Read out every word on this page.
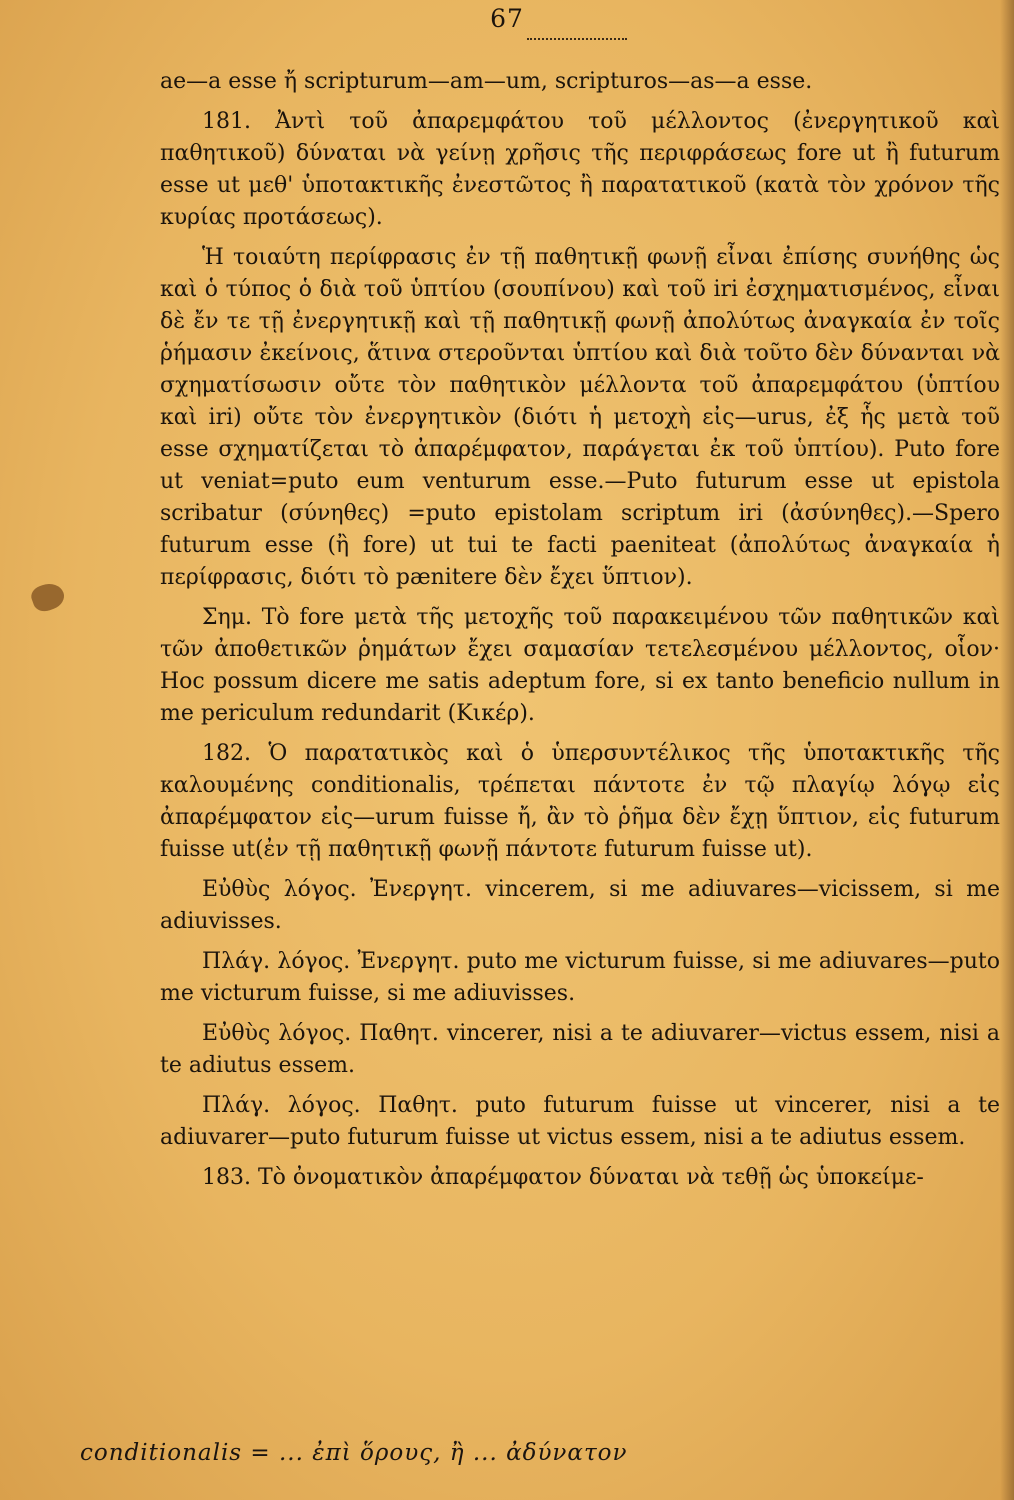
67

ae—a esse ἤ scripturum—am—um, scripturos—as—a esse.

181. Ἀντὶ τοῦ ἀπαρεμφάτου τοῦ μέλλοντος (ἐνεργητικοῦ καὶ παθητικοῦ) δύναται νὰ γείνῃ χρῆσις τῆς περιφράσεως fore ut ἢ futurum esse ut μεθ' ὑποτακτικῆς ἐνεστῶτος ἢ παρατατικοῦ (κατὰ τὸν χρόνον τῆς κυρίας προτάσεως).

Ἡ τοιαύτη περίφρασις ἐν τῇ παθητικῇ φωνῇ εἶναι ἐπίσης συνήθης ὡς καὶ ὁ τύπος ὁ διὰ τοῦ ὑπτίου (σουπίνου) καὶ τοῦ iri ἐσχηματισμένος, εἶναι δὲ ἔν τε τῇ ἐνεργητικῇ καὶ τῇ παθητικῇ φωνῇ ἀπολύτως ἀναγκαία ἐν τοῖς ῥήμασιν ἐκείνοις, ἅτινα στεροῦνται ὑπτίου καὶ διὰ τοῦτο δὲν δύνανται νὰ σχηματίσωσιν οὔτε τὸν παθητικὸν μέλλοντα τοῦ ἀπαρεμφάτου (ὑπτίου καὶ iri) οὔτε τὸν ἐνεργητικὸν (διότι ἡ μετοχὴ εἰς—urus, ἐξ ἧς μετὰ τοῦ esse σχηματίζεται τὸ ἀπαρέμφατον, παράγεται ἐκ τοῦ ὑπτίου). Puto fore ut veniat=puto eum venturum esse.—Puto futurum esse ut epistola scribatur (σύνηθες) =puto epistolam scriptum iri (ἀσύνηθες).—Spero futurum esse (ἢ fore) ut tui te facti paeniteat (ἀπολύτως ἀναγκαία ἡ περίφρασις, διότι τὸ pænitere δὲν ἔχει ὕπτιον).

Σημ. Τὸ fore μετὰ τῆς μετοχῆς τοῦ παρακειμένου τῶν παθητικῶν καὶ τῶν ἀποθετικῶν ῥημάτων ἔχει σαμασίαν τετελεσμένου μέλλοντος, οἷον· Hoc possum dicere me satis adeptum fore, si ex tanto beneficio nullum in me periculum redundarit (Κικέρ).

182. Ὁ παρατατικὸς καὶ ὁ ὑπερσυντέλικος τῆς ὑποτακτικῆς τῆς καλουμένης conditionalis, τρέπεται πάντοτε ἐν τῷ πλαγίῳ λόγῳ εἰς ἀπαρέμφατον εἰς—urum fuisse ἤ, ἂν τὸ ῥῆμα δὲν ἔχῃ ὕπτιον, εἰς futurum fuisse ut(ἐν τῇ παθητικῇ φωνῇ πάντοτε futurum fuisse ut).

Εὐθὺς λόγος. Ἐνεργητ. vincerem, si me adiuvares—vicissem, si me adiuvisses.

Πλάγ. λόγος. Ἐνεργητ. puto me victurum fuisse, si me adiuvares—puto me victurum fuisse, si me adiuvisses.

Εὐθὺς λόγος. Παθητ. vincerer, nisi a te adiuvarer—victus essem, nisi a te adiutus essem.

Πλάγ. λόγος. Παθητ. puto futurum fuisse ut vincerer, nisi a te adiuvarer—puto futurum fuisse ut victus essem, nisi a te adiutus essem.

183. Τὸ ὀνοματικὸν ἀπαρέμφατον δύναται νὰ τεθῇ ὡς ὑποκείμε-

conditionalis = ... ἐπὶ ὅρους, ἢ ... ἀδύνατον
